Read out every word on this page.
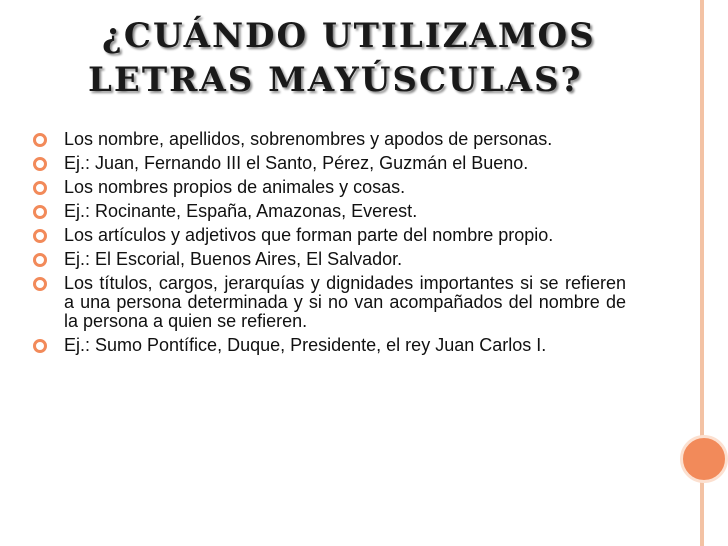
¿CUÁNDO UTILIZAMOS
LETRAS MAYÚSCULAS?
Los nombre, apellidos, sobrenombres y apodos de personas.
Ej.: Juan, Fernando III el Santo, Pérez, Guzmán el Bueno.
Los nombres propios de animales y cosas.
Ej.: Rocinante, España, Amazonas, Everest.
Los artículos y adjetivos que forman parte del nombre propio.
Ej.: El Escorial, Buenos Aires, El Salvador.
Los títulos, cargos, jerarquías y dignidades importantes si se refieren a una persona determinada y si no van acompañados del nombre de la persona a quien se refieren.
Ej.: Sumo Pontífice, Duque, Presidente, el rey Juan Carlos I.
